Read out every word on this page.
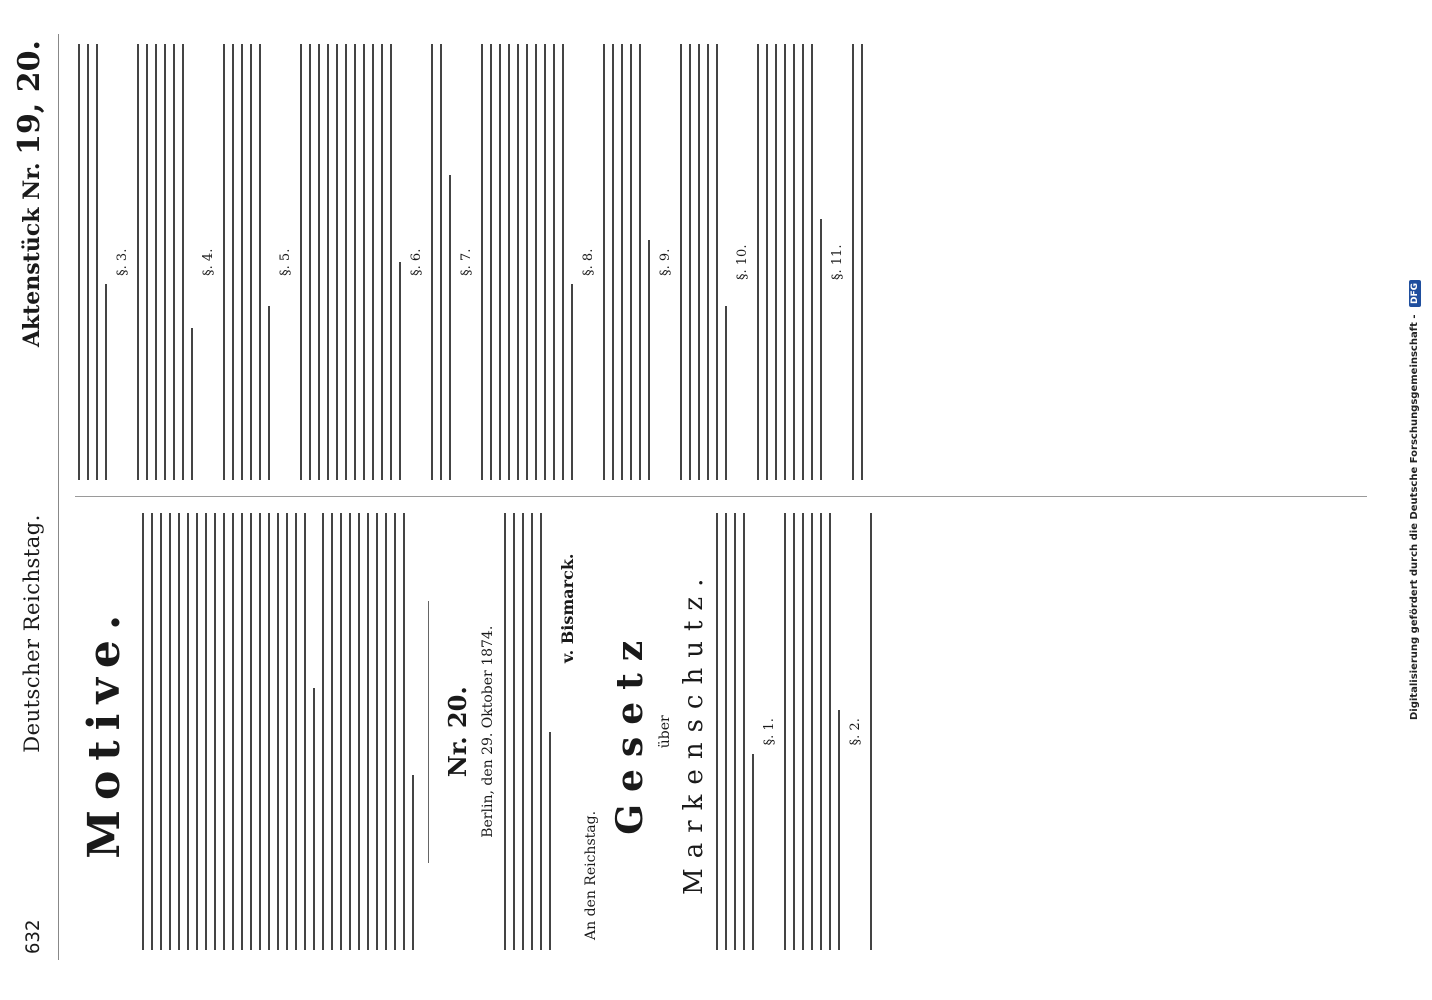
632
Deutscher Reichstag.
Aktenstück Nr. 19, 20.
Motive.	Nr. 20. Berlin, den 29. Oktober 1874.
v. Bismarck.
An den Reichstag.
Gesetz über Markenschutz.	§. 1.	§. 2.
§. 3.	§. 4.	§. 5.	§. 6.	§. 7.	§. 8.	§. 9.	§. 10.	§. 11.
Digitalisierung gefördert durch die Deutsche Forschungsgemeinschaft - DFG
